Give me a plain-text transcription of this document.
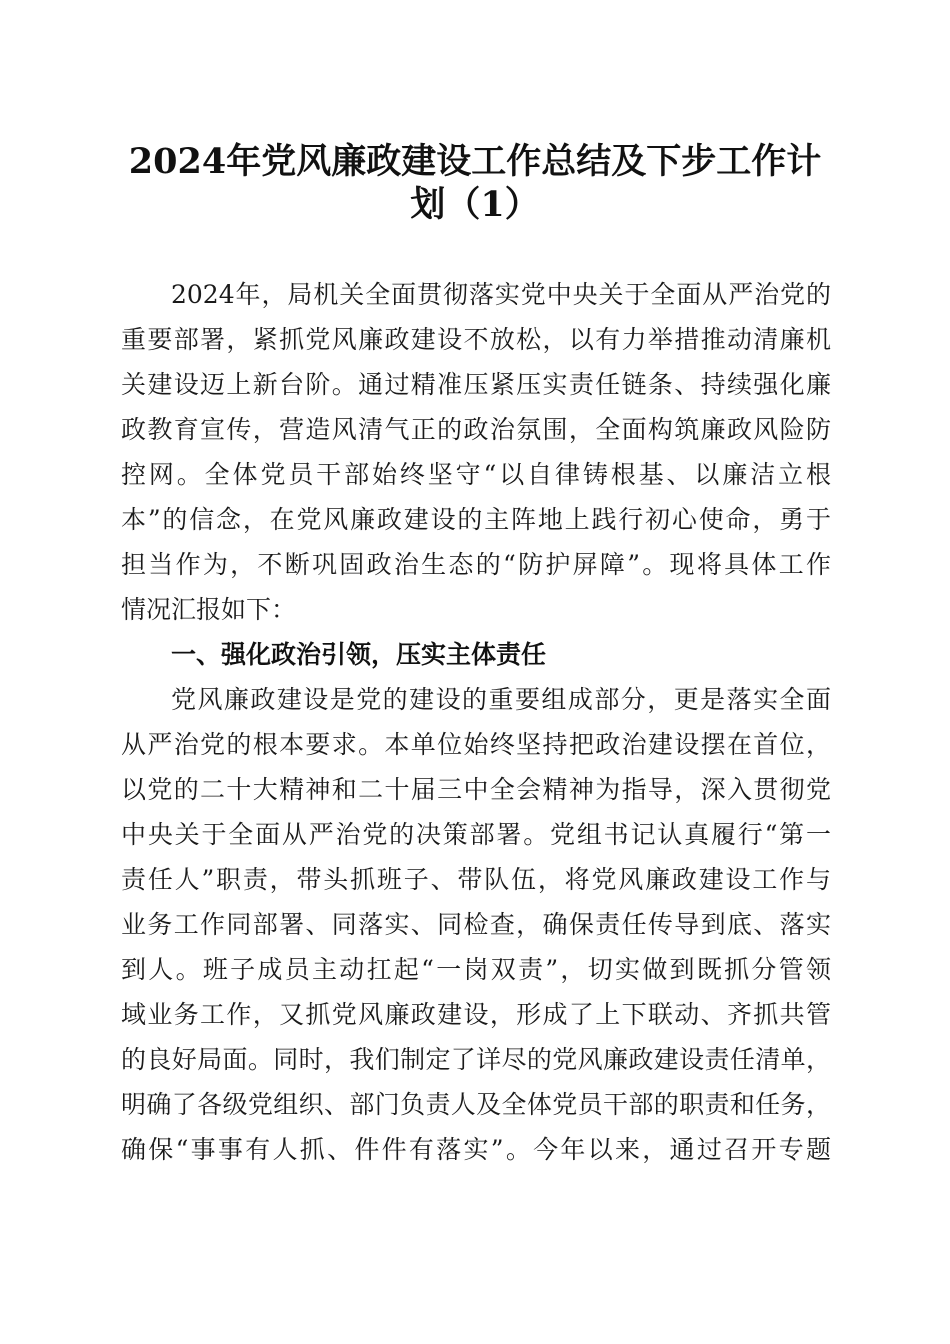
2024年党风廉政建设工作总结及下步工作计
划（1）

2024年，局机关全面贯彻落实党中央关于全面从严治党的

重要部署，紧抓党风廉政建设不放松，以有力举措推动清廉机

关建设迈上新台阶。通过精准压紧压实责任链条、持续强化廉

政教育宣传，营造风清气正的政治氛围，全面构筑廉政风险防

控网。全体党员干部始终坚守“以自律铸根基、以廉洁立根

本”的信念，在党风廉政建设的主阵地上践行初心使命，勇于

担当作为，不断巩固政治生态的“防护屏障”。现将具体工作

情况汇报如下：

一、强化政治引领，压实主体责任

党风廉政建设是党的建设的重要组成部分，更是落实全面

从严治党的根本要求。本单位始终坚持把政治建设摆在首位，

以党的二十大精神和二十届三中全会精神为指导，深入贯彻党

中央关于全面从严治党的决策部署。党组书记认真履行“第一

责任人”职责，带头抓班子、带队伍，将党风廉政建设工作与

业务工作同部署、同落实、同检查，确保责任传导到底、落实

到人。班子成员主动扛起“一岗双责”，切实做到既抓分管领

域业务工作，又抓党风廉政建设，形成了上下联动、齐抓共管

的良好局面。同时，我们制定了详尽的党风廉政建设责任清单，

明确了各级党组织、部门负责人及全体党员干部的职责和任务，

确保“事事有人抓、件件有落实”。今年以来，通过召开专题
